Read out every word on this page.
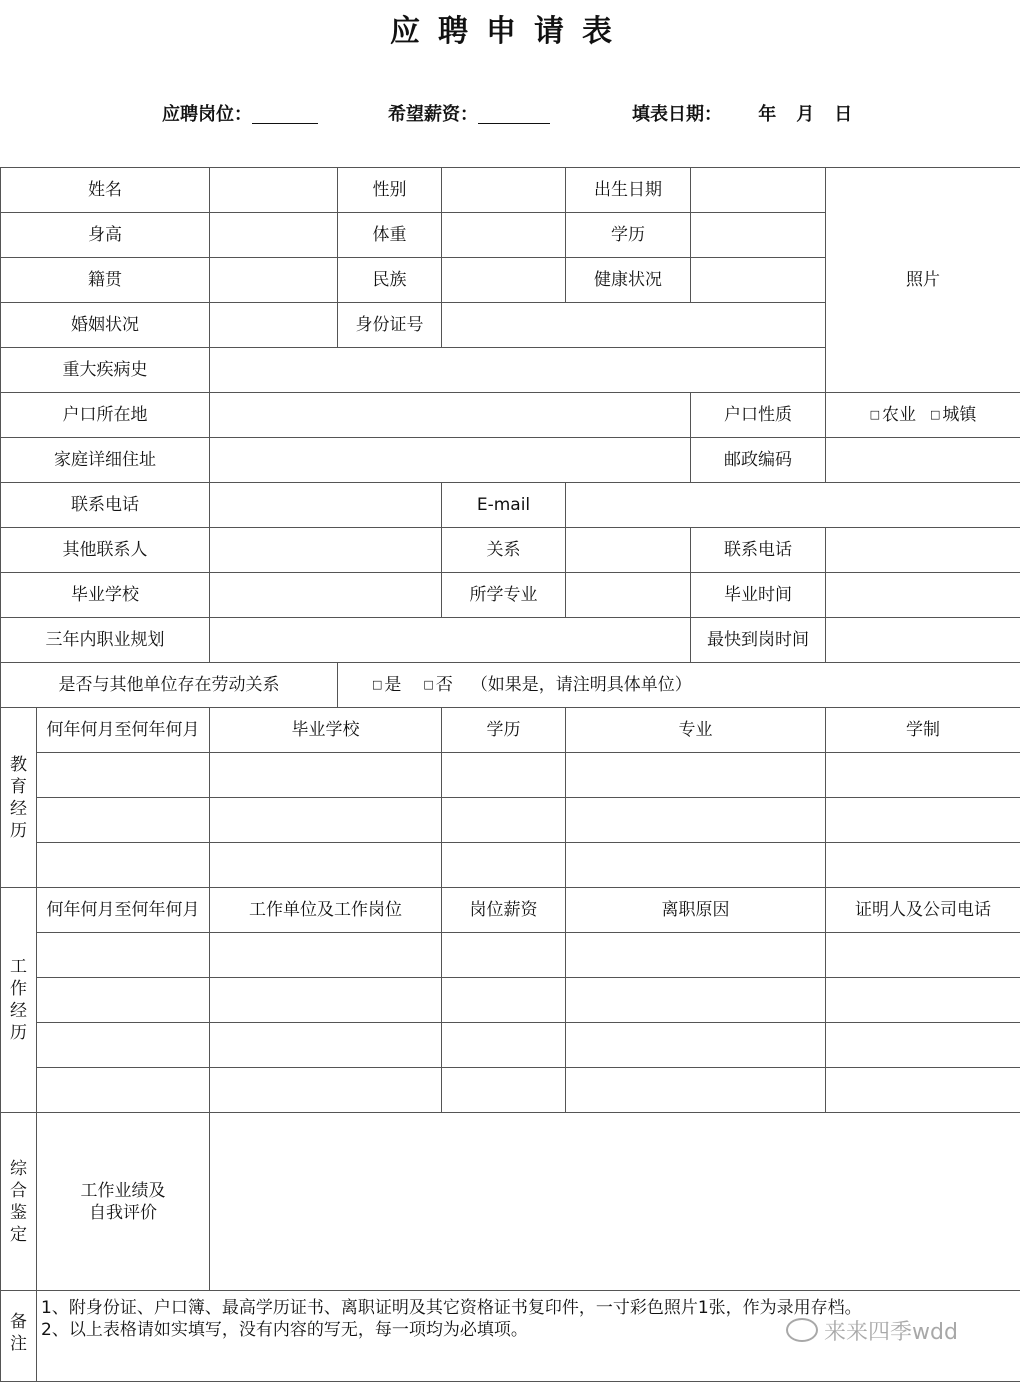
应聘申请表
应聘岗位：	希望薪资：	填表日期： 年 月 日
姓名			性别		出生日期		照片
身高			体重		学历		
籍贯			民族		健康状况		
婚姻状况			身份证号				
重大疾病史							
户口所在地						户口性质	□ 农业 □ 城镇
家庭详细住址						邮政编码	
联系电话				E-mail			
其他联系人				关系		联系电话	
毕业学校				所学专业		毕业时间	
三年内职业规划						最快到岗时间	
是否与其他单位存在劳动关系			□ 是 □ 否 （如果是，请注明具体单位）				

教育经历	何年何月至何年何月	毕业学校		学历	专业		学制

工作经历	何年何月至何年何月	工作单位及工作岗位		岗位薪资	离职原因		证明人及公司电话

综合鉴定	工作业绩及
自我评价						

备注	1、附身份证、户口簿、最高学历证书、离职证明及其它资格证书复印件，一寸彩色照片1张，作为录用存档。
2、以上表格请如实填写，没有内容的写无，每一项均为必填项。							来来四季wdd
